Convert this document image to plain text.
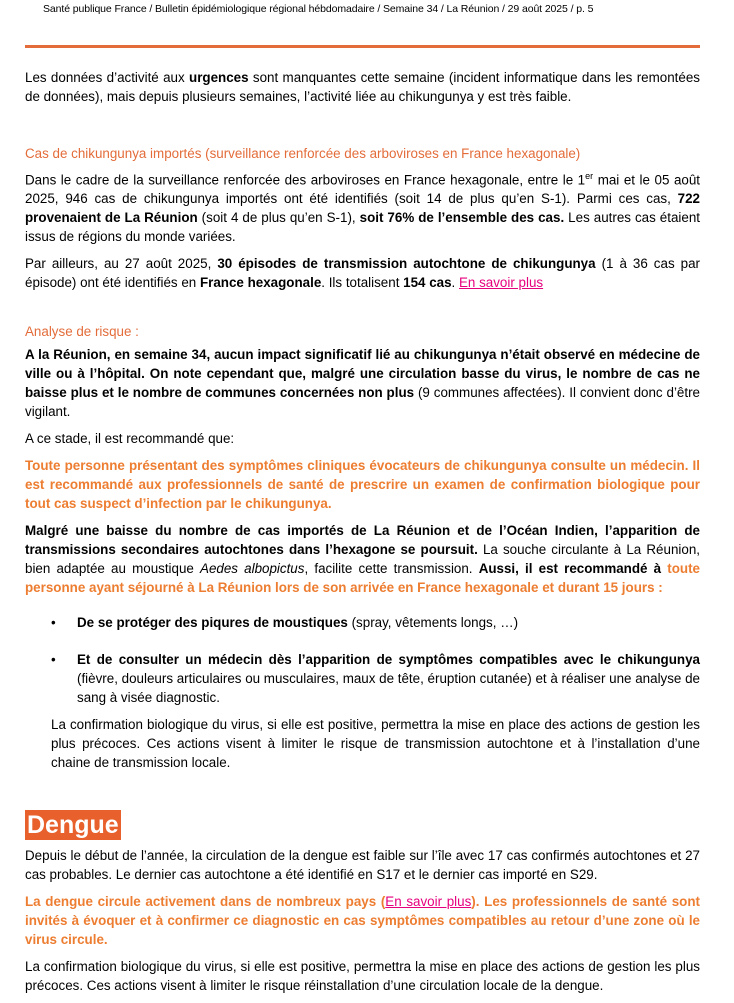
Santé publique France / Bulletin épidémiologique régional hébdomadaire / Semaine 34 / La Réunion / 29 août 2025 / p. 5

Les données d’activité aux urgences sont manquantes cette semaine (incident informatique dans les remontées de données), mais depuis plusieurs semaines, l’activité liée au chikungunya y est très faible.

Cas de chikungunya importés (surveillance renforcée des arboviroses en France hexagonale)

Dans le cadre de la surveillance renforcée des arboviroses en France hexagonale, entre le 1er mai et le 05 août 2025, 946 cas de chikungunya importés ont été identifiés (soit 14 de plus qu’en S-1). Parmi ces cas, 722 provenaient de La Réunion (soit 4 de plus qu’en S-1), soit 76% de l’ensemble des cas. Les autres cas étaient issus de régions du monde variées.

Par ailleurs, au 27 août 2025, 30 épisodes de transmission autochtone de chikungunya (1 à 36 cas par épisode) ont été identifiés en France hexagonale. Ils totalisent 154 cas. En savoir plus

Analyse de risque :

A la Réunion, en semaine 34, aucun impact significatif lié au chikungunya n’était observé en médecine de ville ou à l’hôpital. On note cependant que, malgré une circulation basse du virus, le nombre de cas ne baisse plus et le nombre de communes concernées non plus (9 communes affectées). Il convient donc d’être vigilant.

A ce stade, il est recommandé que:

Toute personne présentant des symptômes cliniques évocateurs de chikungunya consulte un médecin. Il est recommandé aux professionnels de santé de prescrire un examen de confirmation biologique pour tout cas suspect d’infection par le chikungunya.

Malgré une baisse du nombre de cas importés de La Réunion et de l’Océan Indien, l’apparition de transmissions secondaires autochtones dans l’hexagone se poursuit. La souche circulante à La Réunion, bien adaptée au moustique Aedes albopictus, facilite cette transmission. Aussi, il est recommandé à toute personne ayant séjourné à La Réunion lors de son arrivée en France hexagonale et durant 15 jours :

• De se protéger des piqures de moustiques (spray, vêtements longs, …)
• Et de consulter un médecin dès l’apparition de symptômes compatibles avec le chikungunya (fièvre, douleurs articulaires ou musculaires, maux de tête, éruption cutanée) et à réaliser une analyse de sang à visée diagnostic.

La confirmation biologique du virus, si elle est positive, permettra la mise en place des actions de gestion les plus précoces. Ces actions visent à limiter le risque de transmission autochtone et à l’installation d’une chaine de transmission locale.

Dengue

Depuis le début de l’année, la circulation de la dengue est faible sur l’île avec 17 cas confirmés autochtones et 27 cas probables. Le dernier cas autochtone a été identifié en S17 et le dernier cas importé en S29.

La dengue circule activement dans de nombreux pays (En savoir plus). Les professionnels de santé sont invités à évoquer et à confirmer ce diagnostic en cas symptômes compatibles au retour d’une zone où le virus circule.

La confirmation biologique du virus, si elle est positive, permettra la mise en place des actions de gestion les plus précoces. Ces actions visent à limiter le risque réinstallation d’une circulation locale de la dengue.
